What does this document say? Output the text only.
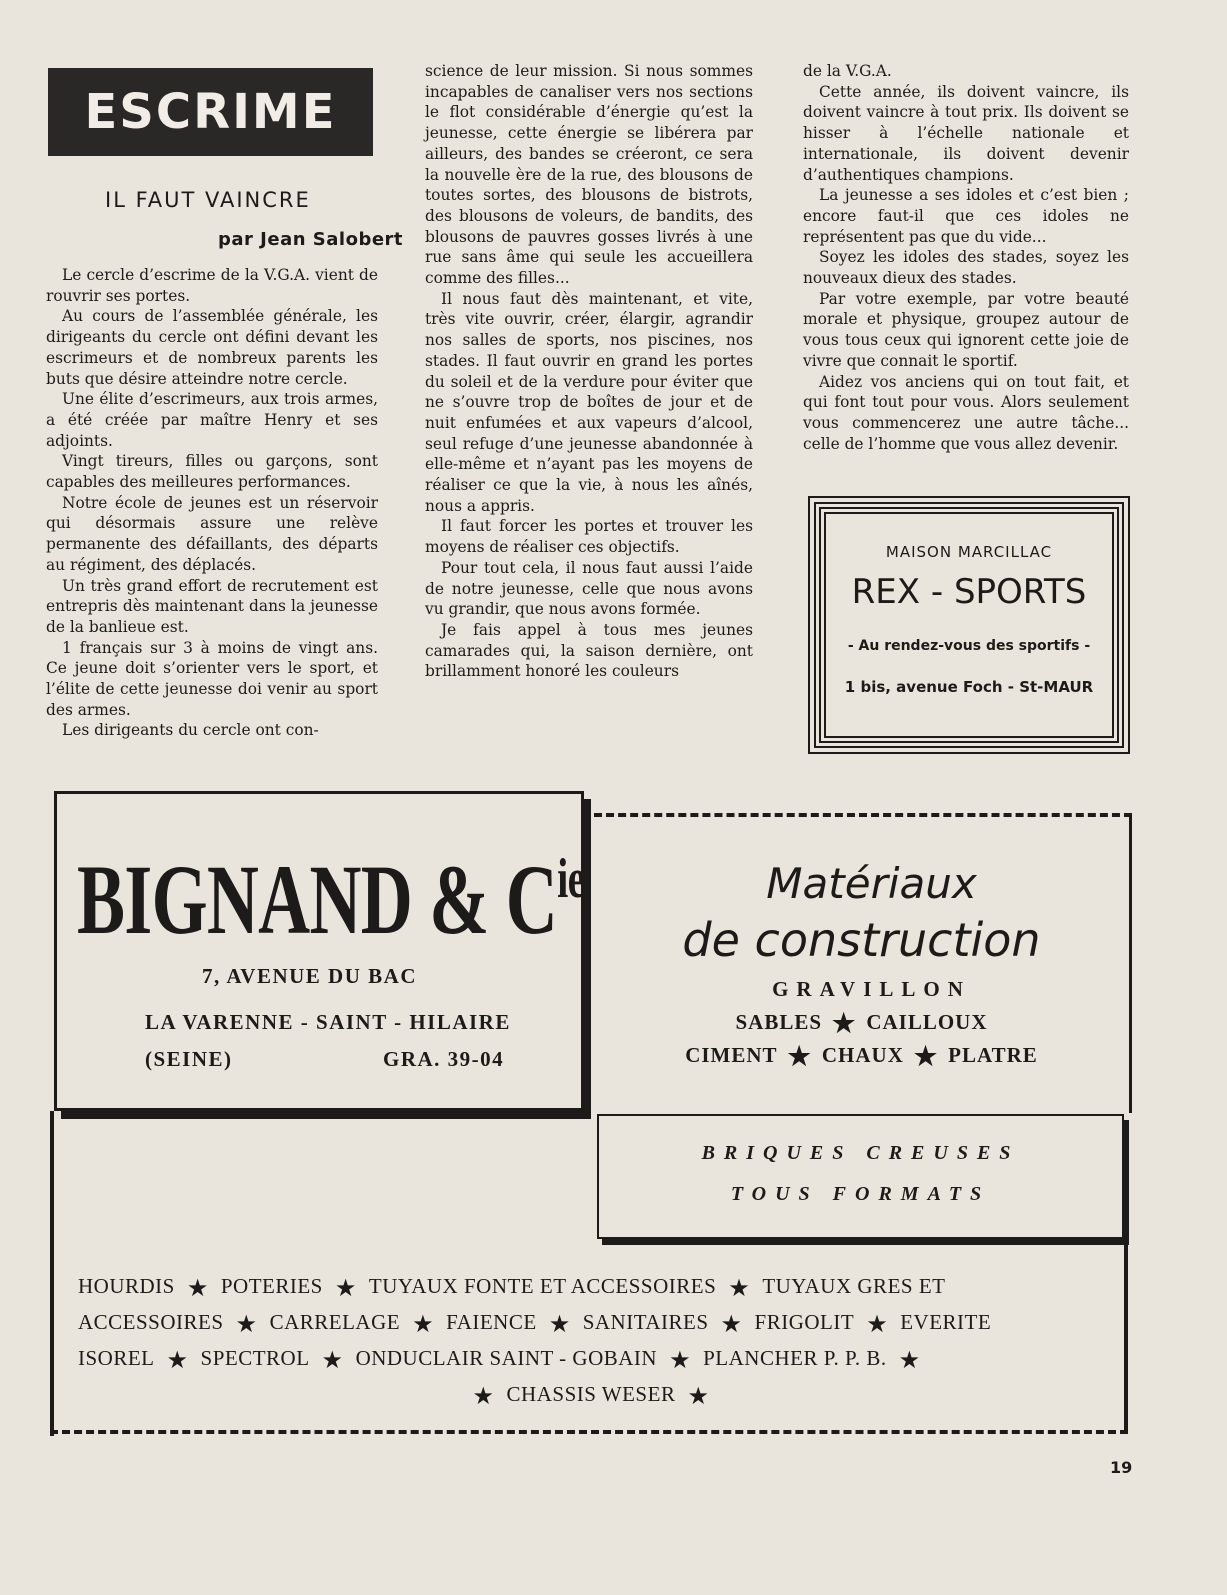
ESCRIME
IL FAUT VAINCRE
par Jean Salobert

Le cercle d’escrime de la V.G.A. vient de rouvrir ses portes.

Au cours de l’assemblée générale, les dirigeants du cercle ont défini devant les escrimeurs et de nombreux parents les buts que désire atteindre notre cercle.

Une élite d’escrimeurs, aux trois armes, a été créée par maître Henry et ses adjoints.

Vingt tireurs, filles ou garçons, sont capables des meilleures performances.

Notre école de jeunes est un réservoir qui désormais assure une relève permanente des défaillants, des départs au régiment, des déplacés.

Un très grand effort de recrutement est entrepris dès maintenant dans la jeunesse de la banlieue est.

1 français sur 3 à moins de vingt ans. Ce jeune doit s’orienter vers le sport, et l’élite de cette jeunesse doi venir au sport des armes.

Les dirigeants du cercle ont con-

science de leur mission. Si nous sommes incapables de canaliser vers nos sections le flot considérable d’énergie qu’est la jeunesse, cette énergie se libérera par ailleurs, des bandes se créeront, ce sera la nouvelle ère de la rue, des blousons de toutes sortes, des blousons de bistrots, des blousons de voleurs, de bandits, des blousons de pauvres gosses livrés à une rue sans âme qui seule les accueillera comme des filles...

Il nous faut dès maintenant, et vite, très vite ouvrir, créer, élargir, agrandir nos salles de sports, nos piscines, nos stades. Il faut ouvrir en grand les portes du soleil et de la verdure pour éviter que ne s’ouvre trop de boîtes de jour et de nuit enfumées et aux vapeurs d’alcool, seul refuge d’une jeunesse abandonnée à elle-même et n’ayant pas les moyens de réaliser ce que la vie, à nous les aînés, nous a appris.

Il faut forcer les portes et trouver les moyens de réaliser ces objectifs.

Pour tout cela, il nous faut aussi l’aide de notre jeunesse, celle que nous avons vu grandir, que nous avons formée.

Je fais appel à tous mes jeunes camarades qui, la saison dernière, ont brillamment honoré les couleurs

de la V.G.A.

Cette année, ils doivent vaincre, ils doivent vaincre à tout prix. Ils doivent se hisser à l’échelle nationale et internationale, ils doivent devenir d’authentiques champions.

La jeunesse a ses idoles et c’est bien ; encore faut-il que ces idoles ne représentent pas que du vide...

Soyez les idoles des stades, soyez les nouveaux dieux des stades.

Par votre exemple, par votre beauté morale et physique, groupez autour de vous tous ceux qui ignorent cette joie de vivre que connait le sportif.

Aidez vos anciens qui on tout fait, et qui font tout pour vous. Alors seulement vous commencerez une autre tâche... celle de l’homme que vous allez devenir.

MAISON MARCILLAC
REX - SPORTS
- Au rendez-vous des sportifs -
1 bis, avenue Foch - St-MAUR
BIGNAND & $C^{ie}$
7, AVENUE DU BAC
LA VARENNE - SAINT - HILAIRE
(SEINE)	GRA. 39-04
Matériaux
de construction
GRAVILLON
SABLES ★ CAILLOUX
CIMENT ★ CHAUX ★ PLATRE
BRIQUES CREUSES
TOUS FORMATS
HOURDIS ★ POTERIES ★ TUYAUX FONTE ET ACCESSOIRES ★ TUYAUX GRES ET
ACCESSOIRES ★ CARRELAGE ★ FAIENCE ★ SANITAIRES ★ FRIGOLIT ★ EVERITE
ISOREL ★ SPECTROL ★ ONDUCLAIR SAINT - GOBAIN ★ PLANCHER P. P. B. ★
★ CHASSIS WESER ★
19
